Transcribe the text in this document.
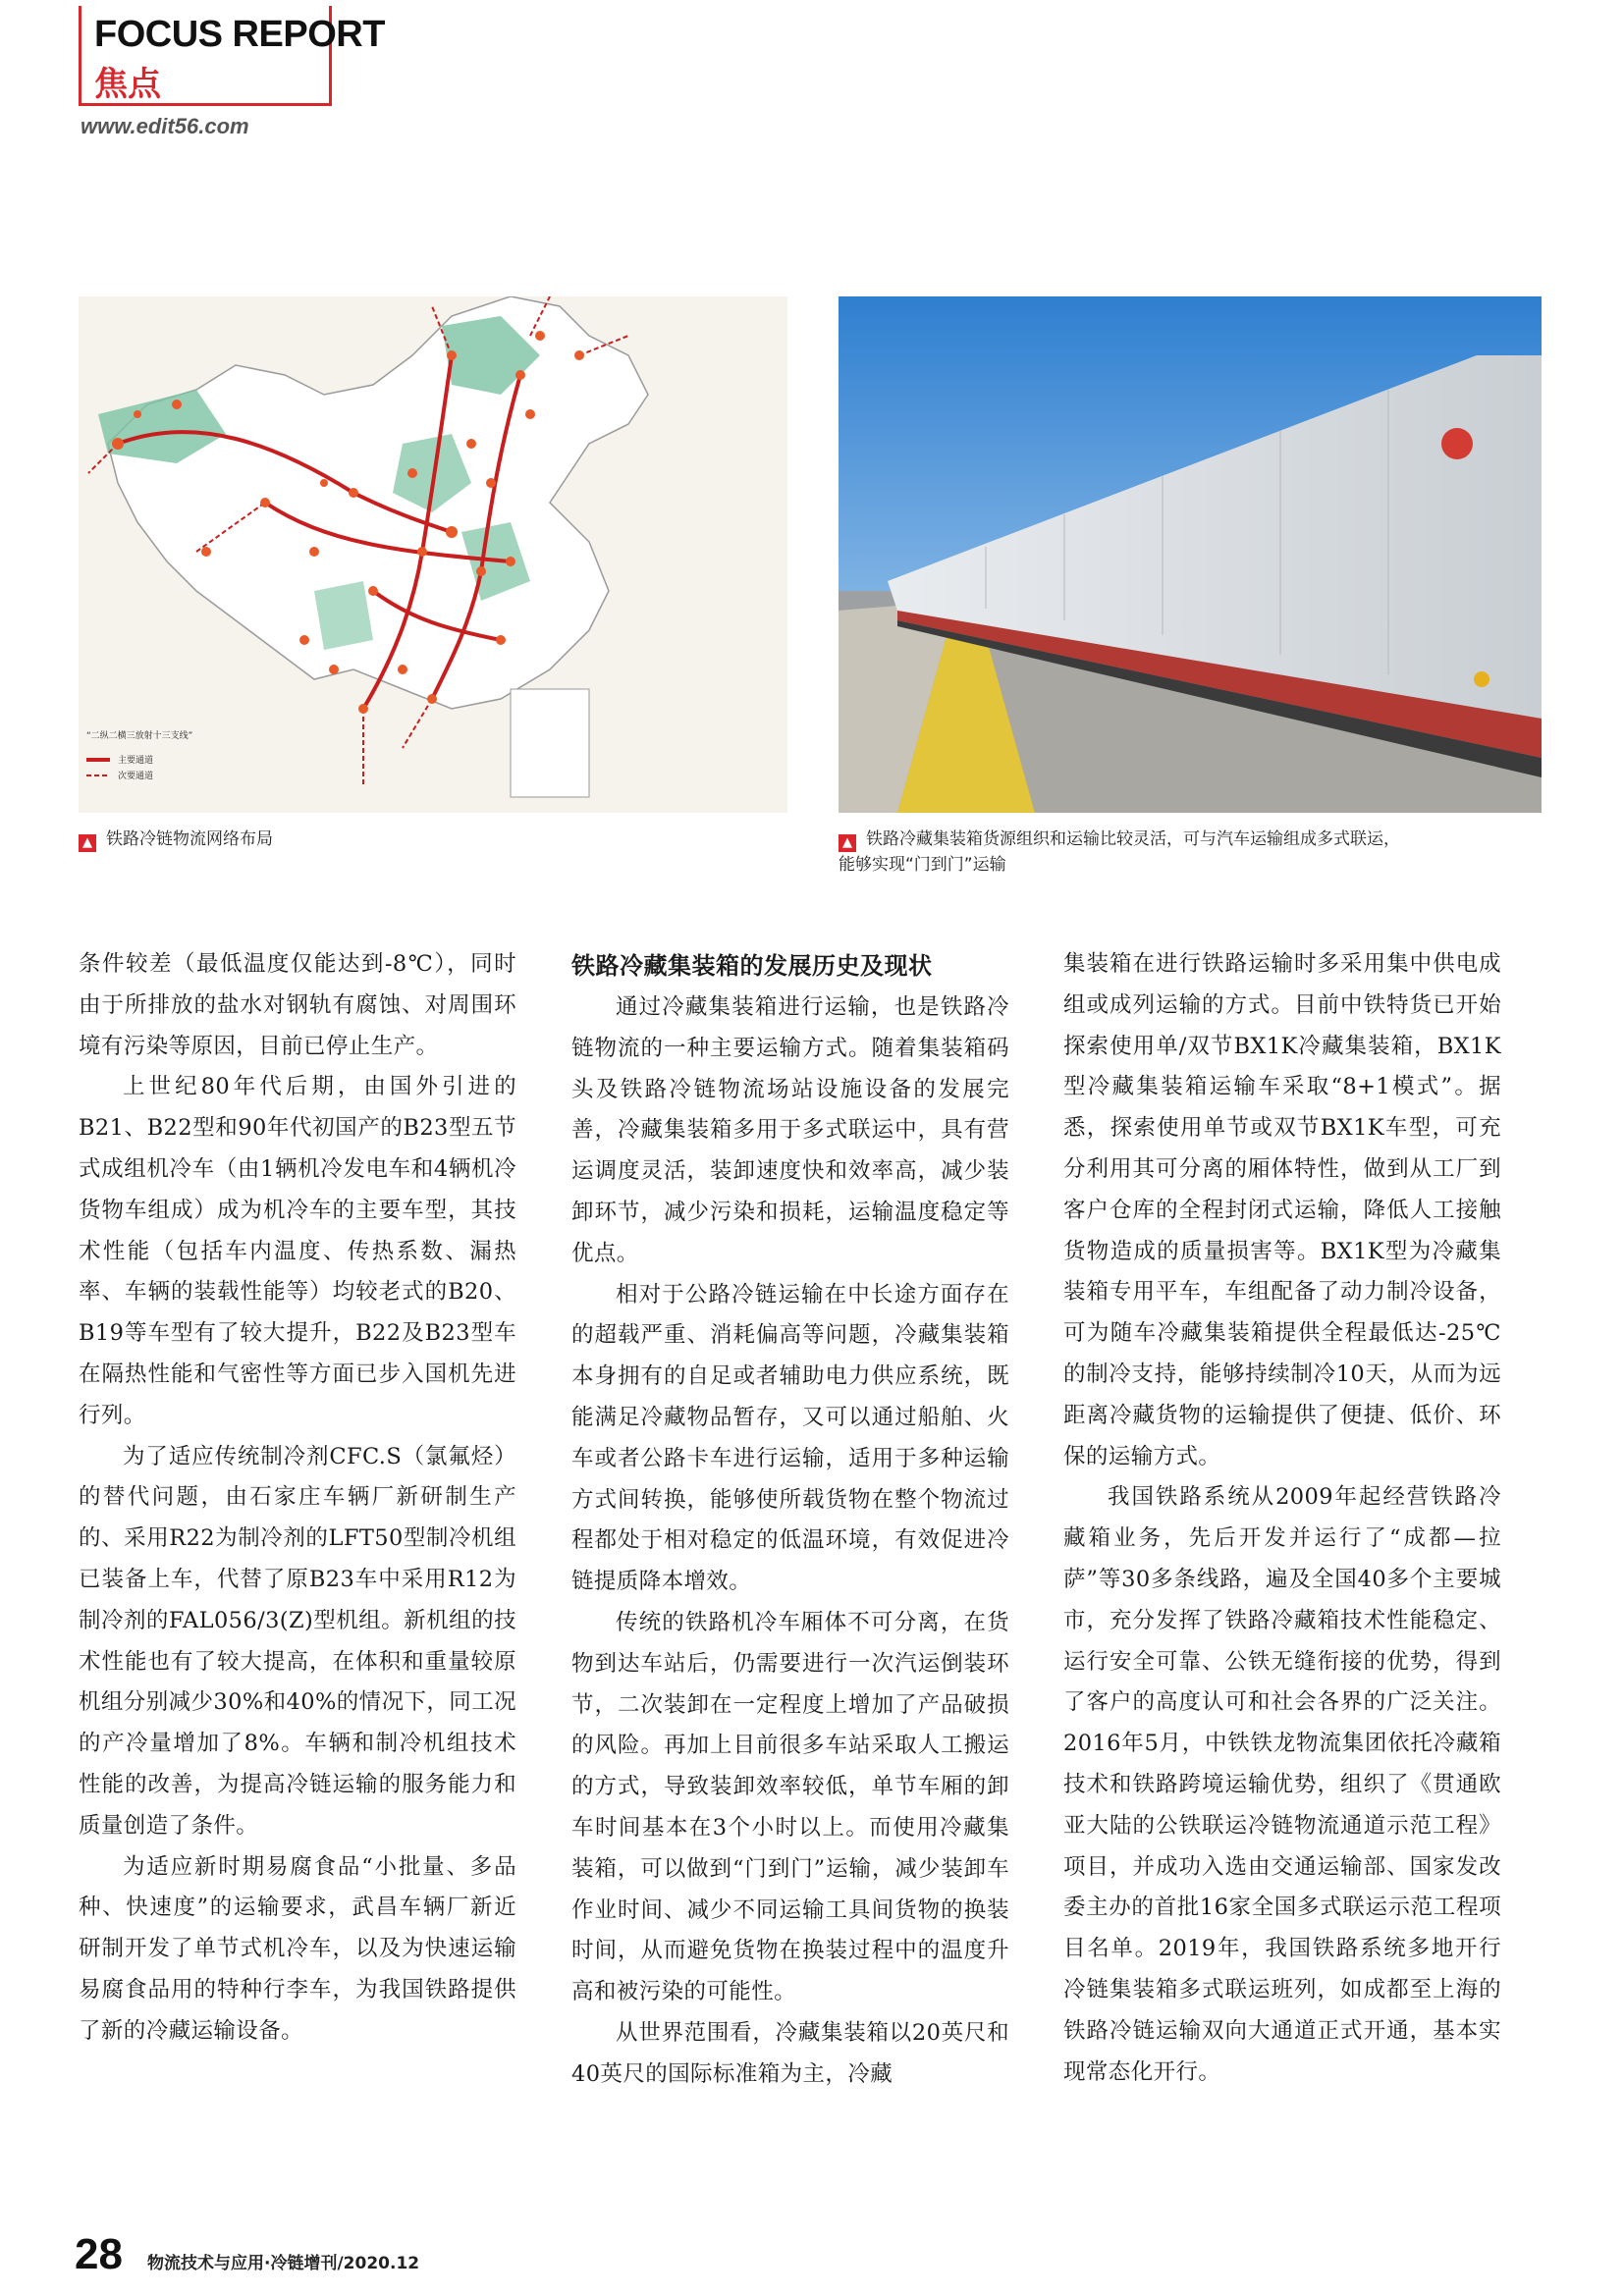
FOCUS REPORT
焦点
www.edit56.com
“二纵二横三放射十三支线”
主要通道
次要通道
▲ 铁路冷链物流网络布局	▲ 铁路冷藏集装箱货源组织和运输比较灵活，可与汽车运输组成多式联运，
能够实现“门到门”运输

条件较差（最低温度仅能达到-8℃），同时由于所排放的盐水对钢轨有腐蚀、对周围环境有污染等原因，目前已停止生产。

上世纪80年代后期，由国外引进的B21、B22型和90年代初国产的B23型五节式成组机冷车（由1辆机冷发电车和4辆机冷货物车组成）成为机冷车的主要车型，其技术性能（包括车内温度、传热系数、漏热率、车辆的装载性能等）均较老式的B20、B19等车型有了较大提升，B22及B23型车在隔热性能和气密性等方面已步入国机先进行列。

为了适应传统制冷剂CFC.S（氯氟烃）的替代问题，由石家庄车辆厂新研制生产的、采用R22为制冷剂的LFT50型制冷机组已装备上车，代替了原B23车中采用R12为制冷剂的FAL056/3(Z)型机组。新机组的技术性能也有了较大提高，在体积和重量较原机组分别减少30%和40%的情况下，同工况的产冷量增加了8%。车辆和制冷机组技术性能的改善，为提高冷链运输的服务能力和质量创造了条件。

为适应新时期易腐食品“小批量、多品种、快速度”的运输要求，武昌车辆厂新近研制开发了单节式机冷车，以及为快速运输易腐食品用的特种行李车，为我国铁路提供了新的冷藏运输设备。

铁路冷藏集装箱的发展历史及现状

通过冷藏集装箱进行运输，也是铁路冷链物流的一种主要运输方式。随着集装箱码头及铁路冷链物流场站设施设备的发展完善，冷藏集装箱多用于多式联运中，具有营运调度灵活，装卸速度快和效率高，减少装卸环节，减少污染和损耗，运输温度稳定等优点。

相对于公路冷链运输在中长途方面存在的超载严重、消耗偏高等问题，冷藏集装箱本身拥有的自足或者辅助电力供应系统，既能满足冷藏物品暂存，又可以通过船舶、火车或者公路卡车进行运输，适用于多种运输方式间转换，能够使所载货物在整个物流过程都处于相对稳定的低温环境，有效促进冷链提质降本增效。

传统的铁路机冷车厢体不可分离，在货物到达车站后，仍需要进行一次汽运倒装环节，二次装卸在一定程度上增加了产品破损的风险。再加上目前很多车站采取人工搬运的方式，导致装卸效率较低，单节车厢的卸车时间基本在3个小时以上。而使用冷藏集装箱，可以做到“门到门”运输，减少装卸车作业时间、减少不同运输工具间货物的换装时间，从而避免货物在换装过程中的温度升高和被污染的可能性。

从世界范围看，冷藏集装箱以20英尺和40英尺的国际标准箱为主，冷藏

集装箱在进行铁路运输时多采用集中供电成组或成列运输的方式。目前中铁特货已开始探索使用单/双节BX1K冷藏集装箱，BX1K型冷藏集装箱运输车采取“8+1模式”。据悉，探索使用单节或双节BX1K车型，可充分利用其可分离的厢体特性，做到从工厂到客户仓库的全程封闭式运输，降低人工接触货物造成的质量损害等。BX1K型为冷藏集装箱专用平车，车组配备了动力制冷设备，可为随车冷藏集装箱提供全程最低达-25℃的制冷支持，能够持续制冷10天，从而为远距离冷藏货物的运输提供了便捷、低价、环保的运输方式。

我国铁路系统从2009年起经营铁路冷藏箱业务，先后开发并运行了“成都—拉萨”等30多条线路，遍及全国40多个主要城市，充分发挥了铁路冷藏箱技术性能稳定、运行安全可靠、公铁无缝衔接的优势，得到了客户的高度认可和社会各界的广泛关注。2016年5月，中铁铁龙物流集团依托冷藏箱技术和铁路跨境运输优势，组织了《贯通欧亚大陆的公铁联运冷链物流通道示范工程》项目，并成功入选由交通运输部、国家发改委主办的首批16家全国多式联运示范工程项目名单。2019年，我国铁路系统多地开行冷链集装箱多式联运班列，如成都至上海的铁路冷链运输双向大通道正式开通，基本实现常态化开行。

28 物流技术与应用·冷链增刊/2020.12
